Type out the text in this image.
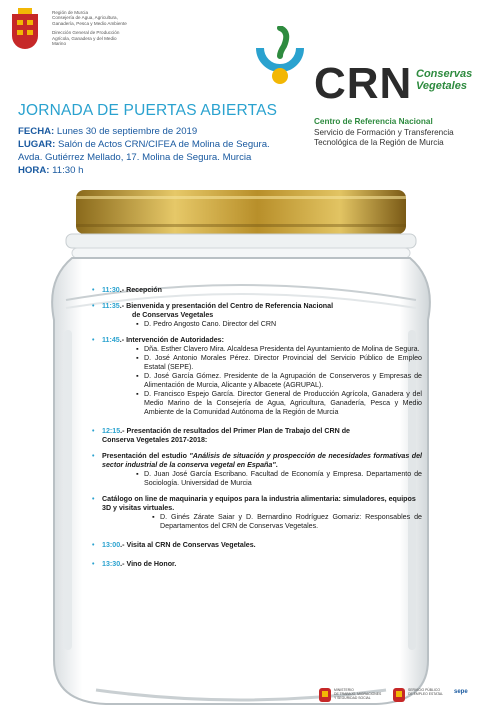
Región de Murcia
Consejería de Agua, Agricultura,
Ganadería, Pesca y Medio Ambiente
Dirección General de Producción
Agrícola, Ganadera y del Medio
Marino
CRN Conservas
Vegetales
Centro de Referencia Nacional
Servicio de Formación y Transferencia
Tecnológica de la Región de Murcia
JORNADA DE PUERTAS ABIERTAS
FECHA: Lunes 30 de septiembre de 2019
LUGAR: Salón de Actos CRN/CIFEA de Molina de Segura.
Avda. Gutiérrez Mellado, 17. Molina de Segura. Murcia
HORA: 11:30 h
•	11:30.- Recepción
•	11:35.- Bienvenida y presentación del Centro de Referencia Nacional
de Conservas Vegetales
▪ D. Pedro Angosto Cano. Director del CRN
•	11:45.- Intervención de Autoridades:
▪ Dña. Esther Clavero Mira. Alcaldesa Presidenta del Ayuntamiento de Molina de Segura.
▪ D. José Antonio Morales Pérez. Director Provincial del Servicio Público de Empleo Estatal (SEPE).
▪ D. José García Gómez. Presidente de la Agrupación de Conserveros y Empresas de Alimentación de Murcia, Alicante y Albacete (AGRUPAL).
▪ D. Francisco Espejo García. Director General de Producción Agrícola, Ganadera y del Medio Marino de la Consejería de Agua, Agricultura, Ganadería, Pesca y Medio Ambiente de la Comunidad Autónoma de la Región de Murcia
•	12:15.- Presentación de resultados del Primer Plan de Trabajo del CRN de
Conserva Vegetales 2017-2018:
•	Presentación del estudio "Análisis de situación y prospección de necesidades formativas del sector industrial de la conserva vegetal en España".
▪ D. Juan José García Escribano. Facultad de Economía y Empresa. Departamento de Sociología. Universidad de Murcia
•	Catálogo on line de maquinaria y equipos para la industria alimentaria: simuladores, equipos 3D y visitas virtuales.
▪ D. Ginés Zárate Saiar y D. Bernardino Rodríguez Gomariz: Responsables de Departamentos del CRN de Conservas Vegetales.
•	13:00.- Visita al CRN de Conservas Vegetales.
•	13:30.- Vino de Honor.
MINISTERIO
DE TRABAJO, MIGRACIONES
Y SEGURIDAD SOCIAL
SERVICIO PÚBLICO
DE EMPLEO ESTATAL	sepe
